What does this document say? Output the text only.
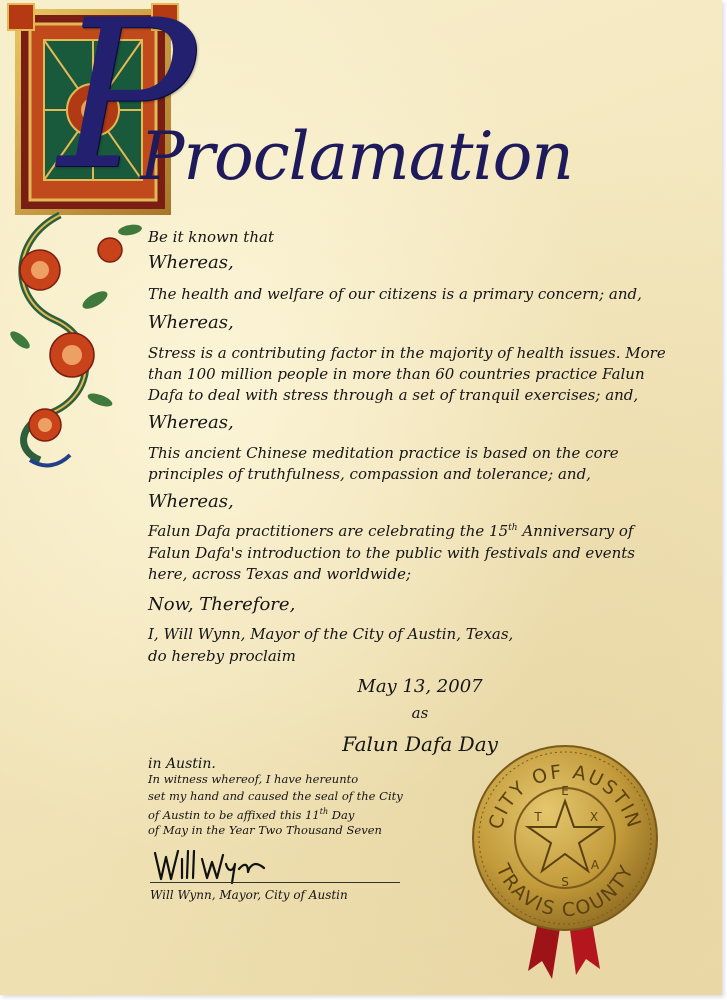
P
Proclamation
Be it known that
Whereas,
The health and welfare of our citizens is a primary concern; and,
Whereas,
Stress is a contributing factor in the majority of health issues. More
than 100 million people in more than 60 countries practice Falun
Dafa to deal with stress through a set of tranquil exercises; and,
Whereas,
This ancient Chinese meditation practice is based on the core
principles of truthfulness, compassion and tolerance; and,
Whereas,
Falun Dafa practitioners are celebrating the 15th Anniversary of
Falun Dafa's introduction to the public with festivals and events
here, across Texas and worldwide;
Now, Therefore,
I, Will Wynn, Mayor of the City of Austin, Texas,
do hereby proclaim
May 13, 2007
as
Falun Dafa Day
in Austin.
In witness whereof, I have hereunto
set my hand and caused the seal of the City
of Austin to be affixed this 11th Day
of May in the Year Two Thousand Seven
Will Wynn, Mayor, City of Austin
CITY OF AUSTIN
TRAVIS COUNTY
T
E
X
A
S
